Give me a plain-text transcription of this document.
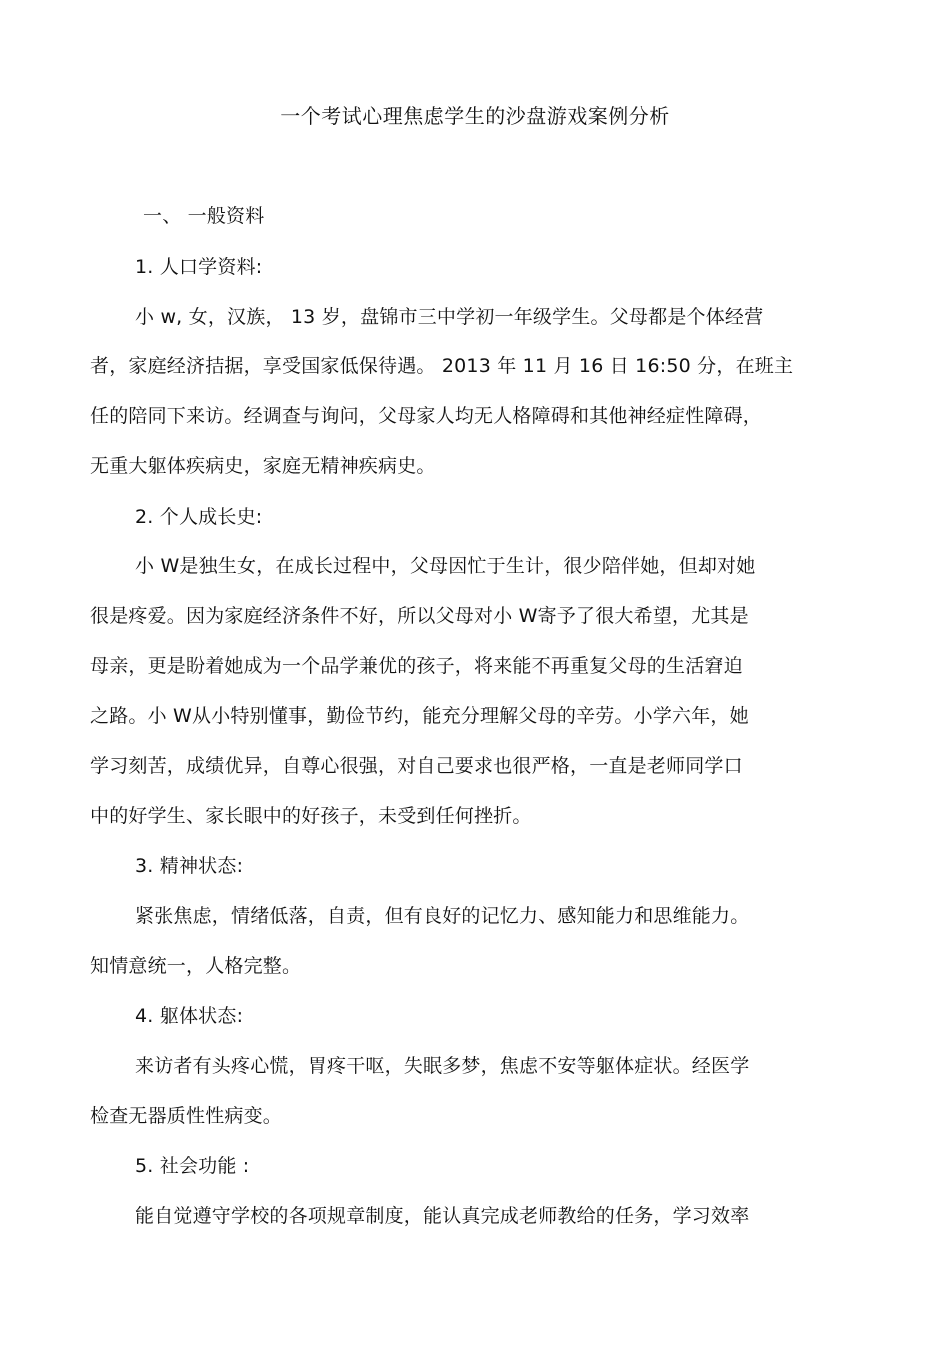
一个考试心理焦虑学生的沙盘游戏案例分析
一、 一般资料
1. 人口学资料:
小 w, 女，汉族， 13 岁，盘锦市三中学初一年级学生。父母都是个体经营
者，家庭经济拮据，享受国家低保待遇。 2013 年 11 月 16 日 16:50 分，在班主
任的陪同下来访。经调查与询问，父母家人均无人格障碍和其他神经症性障碍，
无重大躯体疾病史，家庭无精神疾病史。
2. 个人成长史:
小 W是独生女，在成长过程中，父母因忙于生计，很少陪伴她，但却对她
很是疼爱。因为家庭经济条件不好，所以父母对小 W寄予了很大希望，尤其是
母亲，更是盼着她成为一个品学兼优的孩子，将来能不再重复父母的生活窘迫
之路。小 W从小特别懂事，勤俭节约，能充分理解父母的辛劳。小学六年，她
学习刻苦，成绩优异，自尊心很强，对自己要求也很严格，一直是老师同学口
中的好学生、家长眼中的好孩子，未受到任何挫折。
3. 精神状态:
紧张焦虑，情绪低落，自责，但有良好的记忆力、感知能力和思维能力。
知情意统一，人格完整。
4. 躯体状态:
来访者有头疼心慌，胃疼干呕，失眠多梦，焦虑不安等躯体症状。经医学
检查无器质性性病变。
5. 社会功能 :
能自觉遵守学校的各项规章制度，能认真完成老师教给的任务，学习效率
